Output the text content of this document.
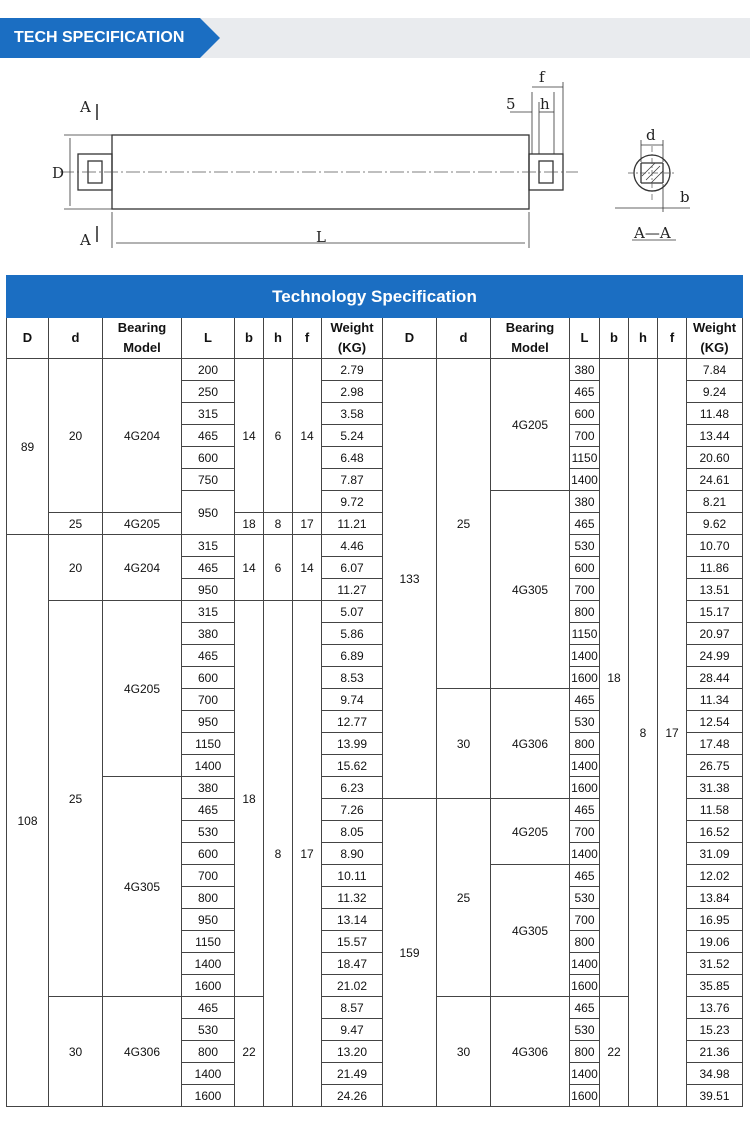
TECH SPECIFICATION
A
A
D
L
f
5 h
d
b
A—A
Technology Specification															
D	d	Bearing Model	L	b	h	f	Weight (KG)	D	d	Bearing Model	L	b	h	f	Weight (KG)
89	20	4G204	200	14	6	14	2.79	133	25	4G205	380	18	8	17	7.84
			250				2.98				465				9.24
			315				3.58				600				11.48
			465				5.24				700				13.44
			600				6.48				1150				20.60
			750				7.87				1400				24.61
			950				9.72			4G305	380				8.21
	25	4G205		18	8	17	11.21				465				9.62
108	20	4G204	315	14	6	14	4.46				530				10.70
			465				6.07				600				11.86
			950				11.27				700				13.51
	25	4G205	315	18	8	17	5.07				800				15.17
			380				5.86				1150				20.97
			465				6.89				1400				24.99
			600				8.53				1600				28.44
			700				9.74		30	4G306	465				11.34
			950				12.77				530				12.54
			1150				13.99				800				17.48
			1400				15.62				1400				26.75
		4G305	380				6.23				1600				31.38
			465				7.26	159	25	4G205	465				11.58
			530				8.05				700				16.52
			600				8.90				1400				31.09
			700				10.11			4G305	465				12.02
			800				11.32				530				13.84
			950				13.14				700				16.95
			1150				15.57				800				19.06
			1400				18.47				1400				31.52
			1600				21.02				1600				35.85
	30	4G306	465	22			8.57		30	4G306	465	22			13.76
			530				9.47				530				15.23
			800				13.20				800				21.36
			1400				21.49				1400				34.98
			1600				24.26				1600				39.51
